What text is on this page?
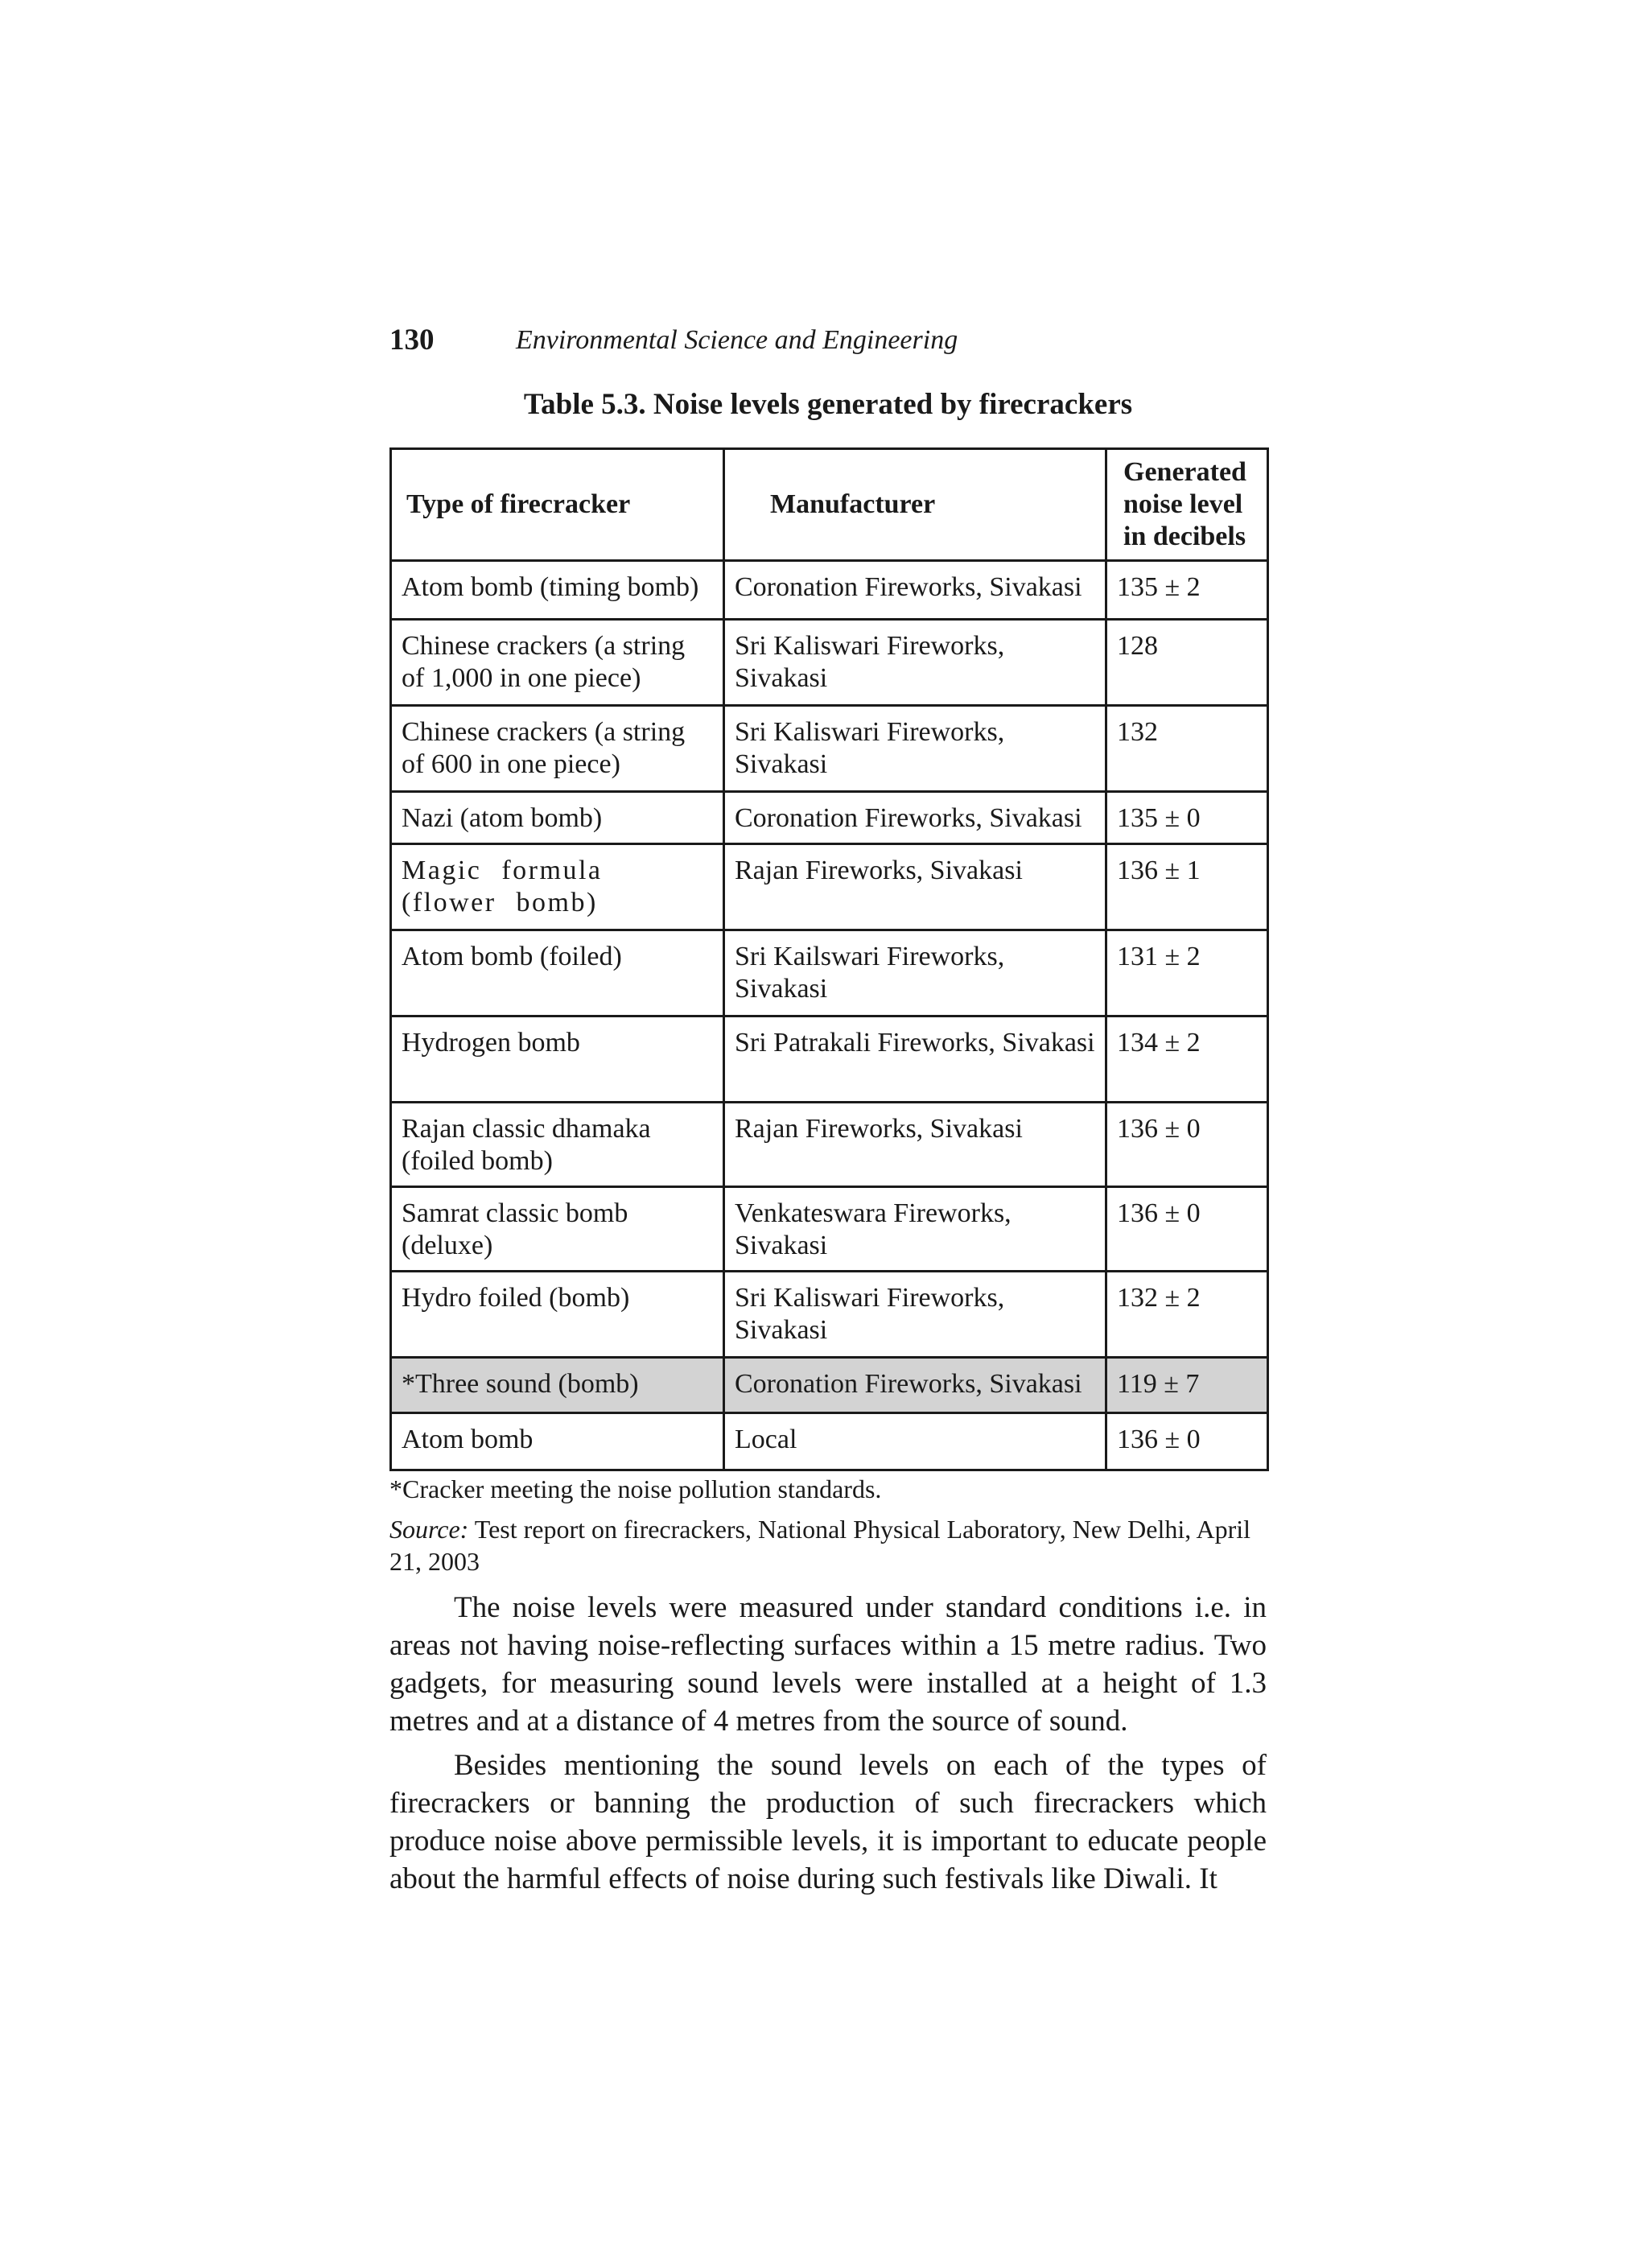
130	Environmental Science and Engineering
Table 5.3. Noise levels generated by firecrackers
Type of firecracker	Manufacturer	Generated noise level in decibels
Atom bomb (timing bomb)	Coronation Fireworks, Sivakasi	135 ± 2
Chinese crackers (a string of 1,000 in one piece)	Sri Kaliswari Fireworks, Sivakasi	128
Chinese crackers (a string of 600 in one piece)	Sri Kaliswari Fireworks, Sivakasi	132
Nazi (atom bomb)	Coronation Fireworks, Sivakasi	135 ± 0
Magic formula (flower bomb)	Rajan Fireworks, Sivakasi	136 ± 1
Atom bomb (foiled)	Sri Kailswari Fireworks, Sivakasi	131 ± 2
Hydrogen bomb	Sri Patrakali Fireworks, Sivakasi	134 ± 2
Rajan classic dhamaka (foiled bomb)	Rajan Fireworks, Sivakasi	136 ± 0
Samrat classic bomb (deluxe)	Venkateswara Fireworks, Sivakasi	136 ± 0
Hydro foiled (bomb)	Sri Kaliswari Fireworks, Sivakasi	132 ± 2
*Three sound (bomb)	Coronation Fireworks, Sivakasi	119 ± 7
Atom bomb	Local	136 ± 0
*Cracker meeting the noise pollution standards.
Source: Test report on firecrackers, National Physical Laboratory, New Delhi, April 21, 2003

The noise levels were measured under standard conditions i.e. in areas not having noise-reflecting surfaces within a 15 metre radius. Two gadgets, for measuring sound levels were installed at a height of 1.3 metres and at a distance of 4 metres from the source of sound.

Besides mentioning the sound levels on each of the types of firecrackers or banning the production of such firecrackers which produce noise above permissible levels, it is important to educate people about the harmful effects of noise during such festivals like Diwali. It
